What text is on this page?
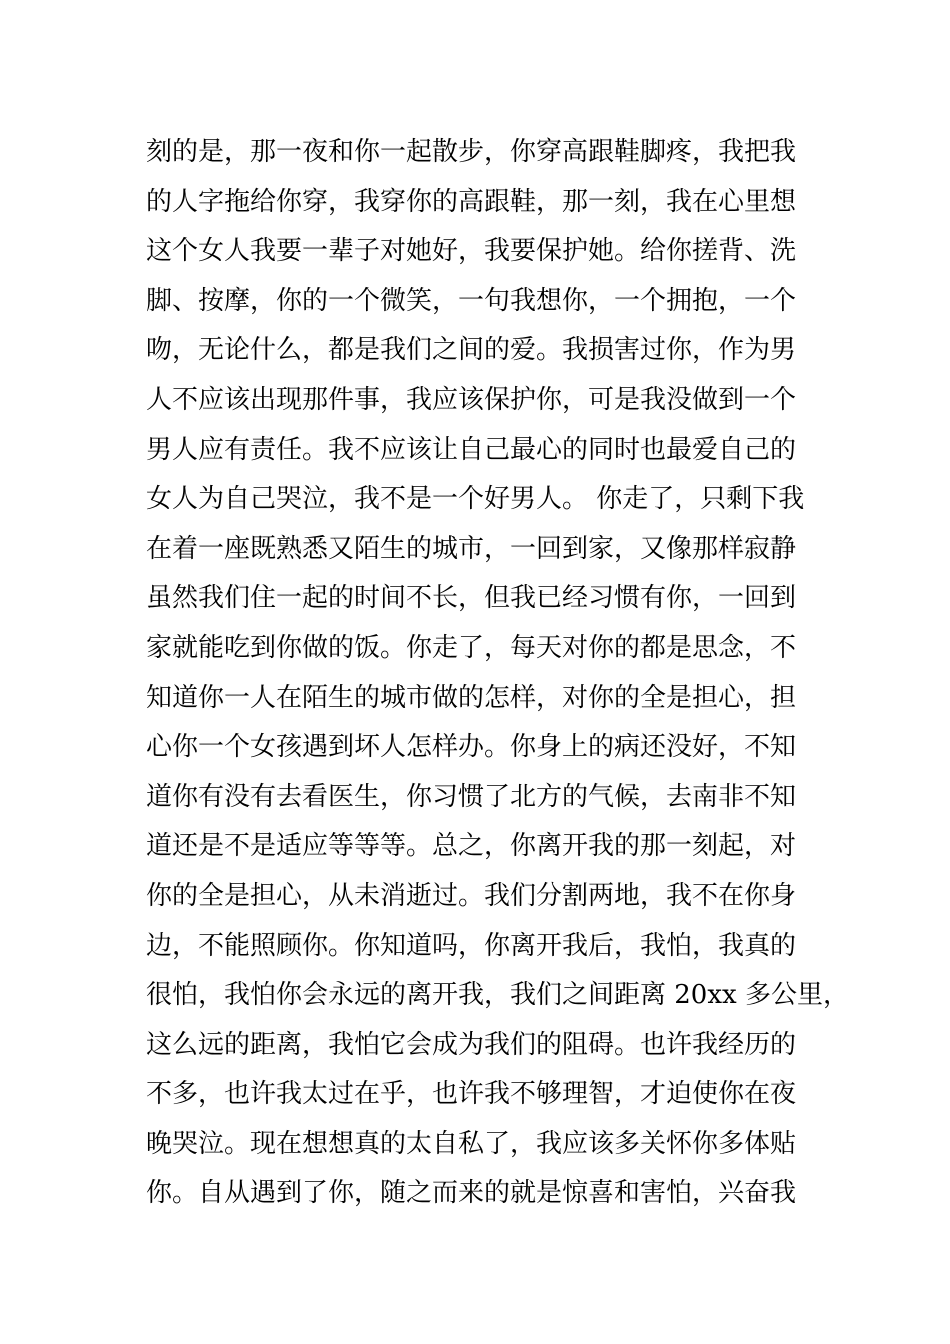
刻的是，那一夜和你一起散步，你穿高跟鞋脚疼，我把我
的人字拖给你穿，我穿你的高跟鞋，那一刻，我在心里想
这个女人我要一辈子对她好，我要保护她。给你搓背、洗
脚、按摩，你的一个微笑，一句我想你，一个拥抱，一个
吻，无论什么，都是我们之间的爱。我损害过你，作为男
人不应该出现那件事，我应该保护你，可是我没做到一个
男人应有责任。我不应该让自己最心的同时也最爱自己的
女人为自己哭泣，我不是一个好男人。 你走了，只剩下我
在着一座既熟悉又陌生的城市，一回到家，又像那样寂静
虽然我们住一起的时间不长，但我已经习惯有你，一回到
家就能吃到你做的饭。你走了，每天对你的都是思念，不
知道你一人在陌生的城市做的怎样，对你的全是担心，担
心你一个女孩遇到坏人怎样办。你身上的病还没好，不知
道你有没有去看医生，你习惯了北方的气候，去南非不知
道还是不是适应等等等。总之，你离开我的那一刻起，对
你的全是担心，从未消逝过。我们分割两地，我不在你身
边，不能照顾你。你知道吗，你离开我后，我怕，我真的
很怕，我怕你会永远的离开我，我们之间距离 20xx 多公里，
这么远的距离，我怕它会成为我们的阻碍。也许我经历的
不多，也许我太过在乎，也许我不够理智，才迫使你在夜
晚哭泣。现在想想真的太自私了，我应该多关怀你多体贴
你。自从遇到了你，随之而来的就是惊喜和害怕，兴奋我
